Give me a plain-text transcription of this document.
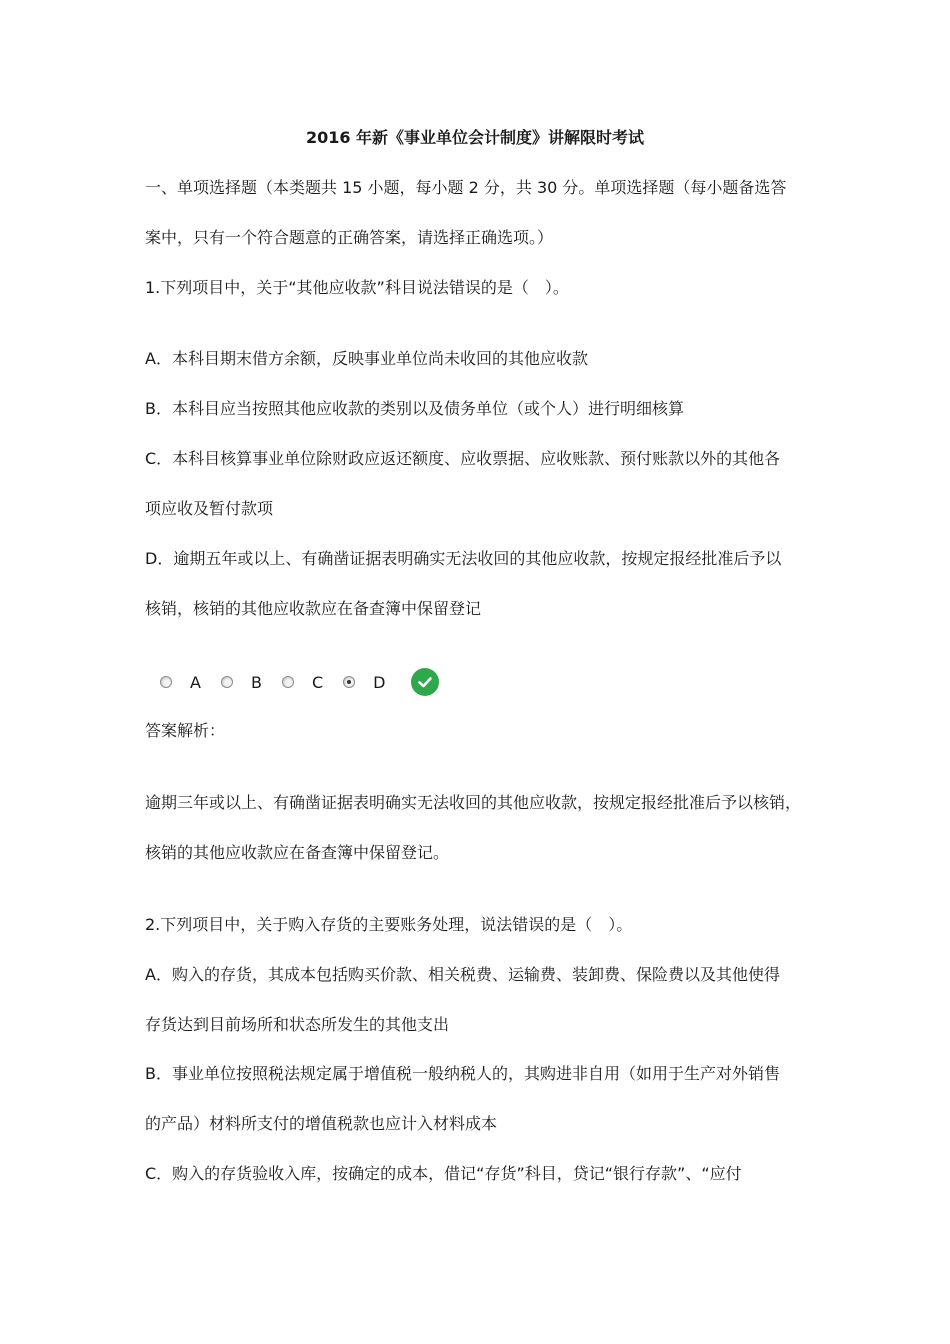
2016 年新《事业单位会计制度》讲解限时考试
一、单项选择题（本类题共 15 小题，每小题 2 分，共 30 分。单项选择题（每小题备选答
案中，只有一个符合题意的正确答案，请选择正确选项。）
1.下列项目中，关于“其他应收款”科目说法错误的是（　）。
A．本科目期末借方余额，反映事业单位尚未收回的其他应收款
B．本科目应当按照其他应收款的类别以及债务单位（或个人）进行明细核算
C．本科目核算事业单位除财政应返还额度、应收票据、应收账款、预付账款以外的其他各
项应收及暂付款项
D．逾期五年或以上、有确凿证据表明确实无法收回的其他应收款，按规定报经批准后予以
核销，核销的其他应收款应在备查簿中保留登记
A	B	C	D
答案解析：
逾期三年或以上、有确凿证据表明确实无法收回的其他应收款，按规定报经批准后予以核销，
核销的其他应收款应在备查簿中保留登记。
2.下列项目中，关于购入存货的主要账务处理，说法错误的是（　）。
A．购入的存货，其成本包括购买价款、相关税费、运输费、装卸费、保险费以及其他使得
存货达到目前场所和状态所发生的其他支出
B．事业单位按照税法规定属于增值税一般纳税人的，其购进非自用（如用于生产对外销售
的产品）材料所支付的增值税款也应计入材料成本
C．购入的存货验收入库，按确定的成本，借记“存货”科目，贷记“银行存款”、“应付
